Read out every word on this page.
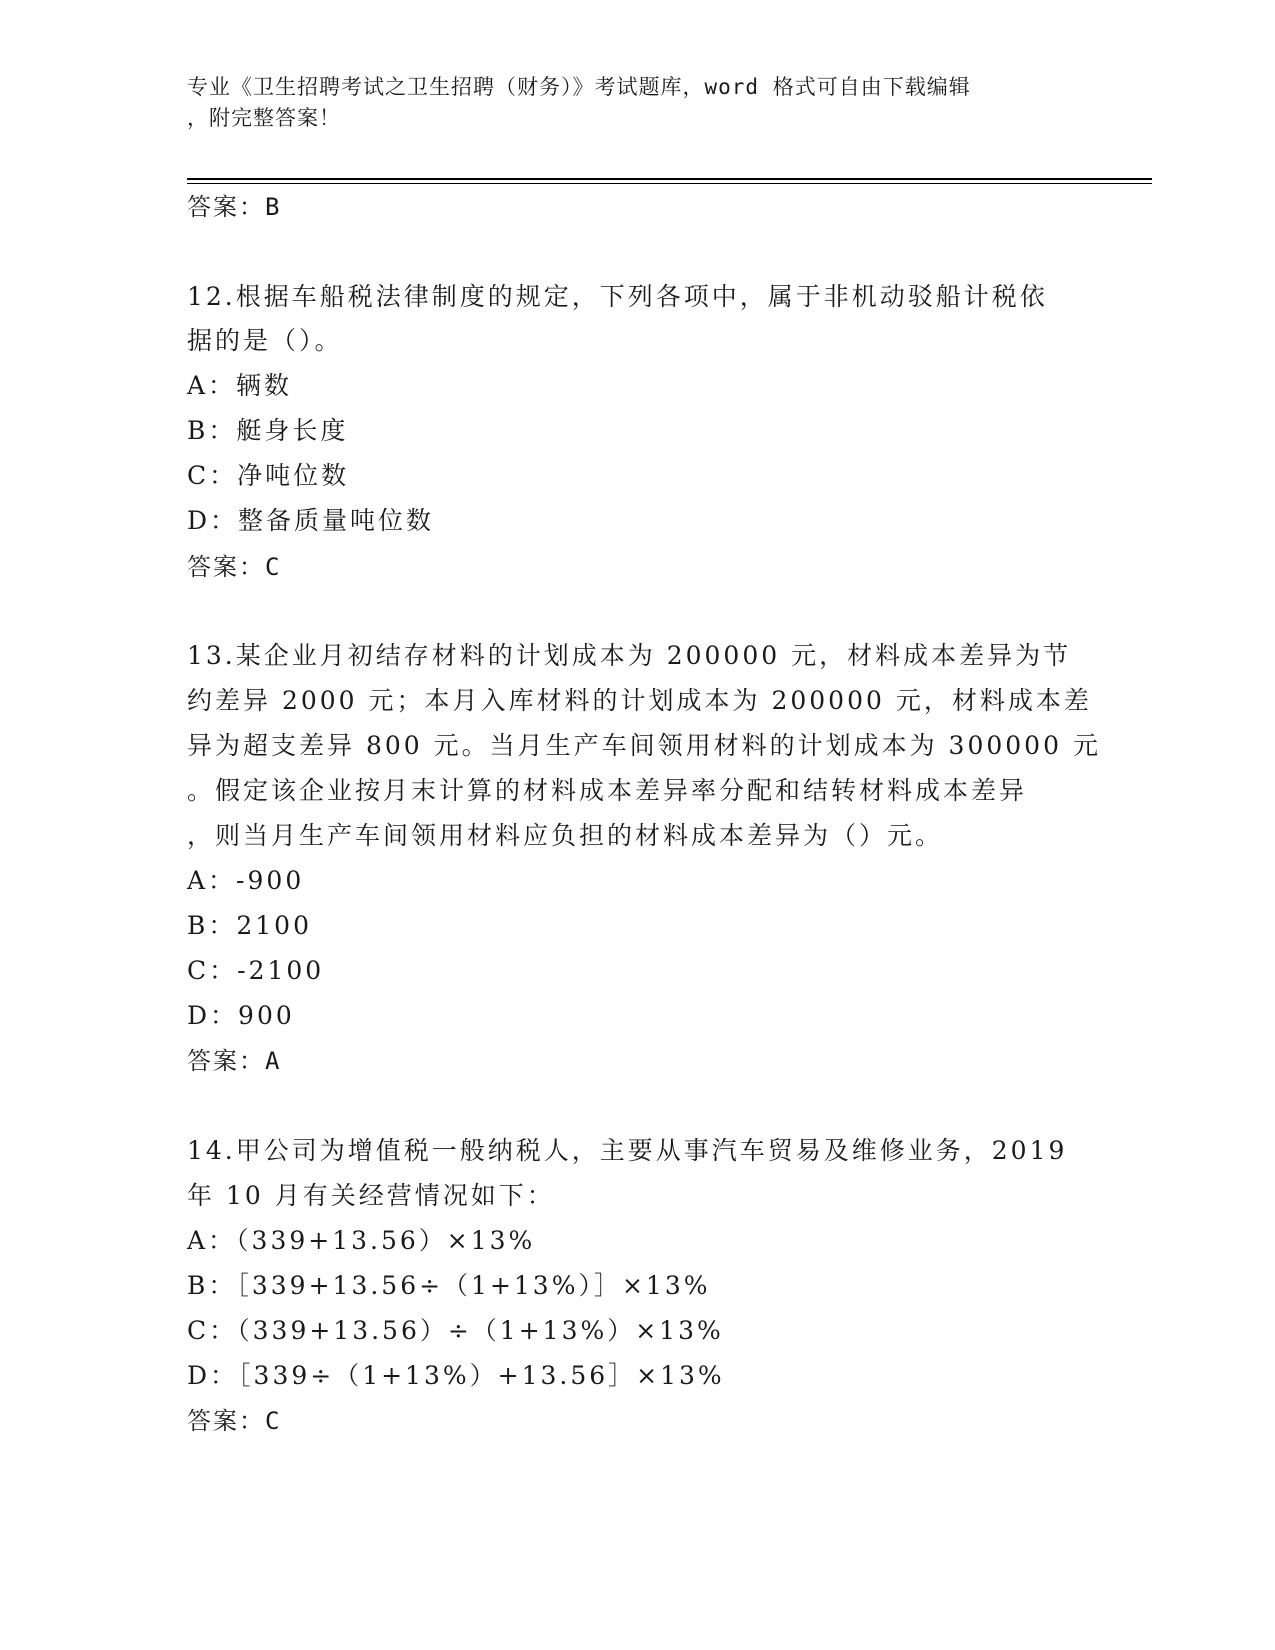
专业《卫生招聘考试之卫生招聘（财务）》考试题库，word 格式可自由下载编辑
，附完整答案！
答案：B
12.根据车船税法律制度的规定，下列各项中，属于非机动驳船计税依
据的是（）。
A：辆数
B：艇身长度
C：净吨位数
D：整备质量吨位数
答案：C
13.某企业月初结存材料的计划成本为 200000 元，材料成本差异为节
约差异 2000 元；本月入库材料的计划成本为 200000 元，材料成本差
异为超支差异 800 元。当月生产车间领用材料的计划成本为 300000 元
。假定该企业按月末计算的材料成本差异率分配和结转材料成本差异
，则当月生产车间领用材料应负担的材料成本差异为（）元。
A：-900
B：2100
C：-2100
D：900
答案：A
14.甲公司为增值税一般纳税人，主要从事汽车贸易及维修业务，2019
年 10 月有关经营情况如下：
A：（339+13.56）×13%
B：［339+13.56÷（1+13%）］×13%
C：（339+13.56）÷（1+13%）×13%
D：［339÷（1+13%）+13.56］×13%
答案：C
